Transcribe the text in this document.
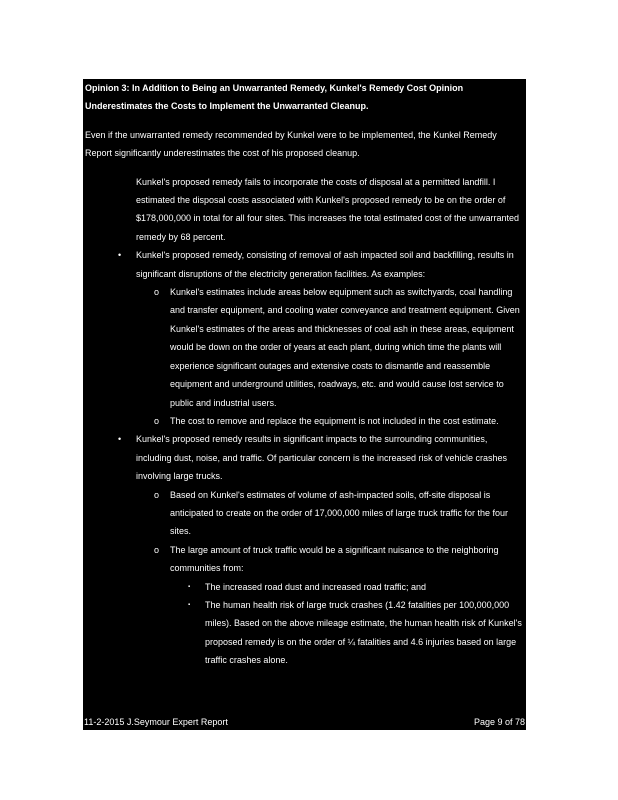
Opinion 3: In Addition to Being an Unwarranted Remedy, Kunkel's Remedy Cost Opinion

Underestimates the Costs to Implement the Unwarranted Cleanup.

Even if the unwarranted remedy recommended by Kunkel were to be implemented, the Kunkel Remedy Report significantly underestimates the cost of his proposed cleanup.

Kunkel's proposed remedy fails to incorporate the costs of disposal at a permitted landfill. I estimated the disposal costs associated with Kunkel's proposed remedy to be on the order of $178,000,000 in total for all four sites. This increases the total estimated cost of the unwarranted remedy by 68 percent.

• Kunkel's proposed remedy, consisting of removal of ash impacted soil and backfilling, results in significant disruptions of the electricity generation facilities. As examples:
o Kunkel's estimates include areas below equipment such as switchyards, coal handling and transfer equipment, and cooling water conveyance and treatment equipment. Given Kunkel's estimates of the areas and thicknesses of coal ash in these areas, equipment would be down on the order of years at each plant, during which time the plants will experience significant outages and extensive costs to dismantle and reassemble equipment and underground utilities, roadways, etc. and would cause lost service to public and industrial users.
o The cost to remove and replace the equipment is not included in the cost estimate.
• Kunkel's proposed remedy results in significant impacts to the surrounding communities, including dust, noise, and traffic. Of particular concern is the increased risk of vehicle crashes involving large trucks.
o Based on Kunkel's estimates of volume of ash-impacted soils, off-site disposal is anticipated to create on the order of 17,000,000 miles of large truck traffic for the four sites.
o The large amount of truck traffic would be a significant nuisance to the neighboring communities from:
▪ The increased road dust and increased road traffic; and
▪ The human health risk of large truck crashes (1.42 fatalities per 100,000,000 miles). Based on the above mileage estimate, the human health risk of Kunkel's proposed remedy is on the order of ¼ fatalities and 4.6 injuries based on large traffic crashes alone.
11-2-2015 J.Seymour Expert Report	Page 9 of 78
